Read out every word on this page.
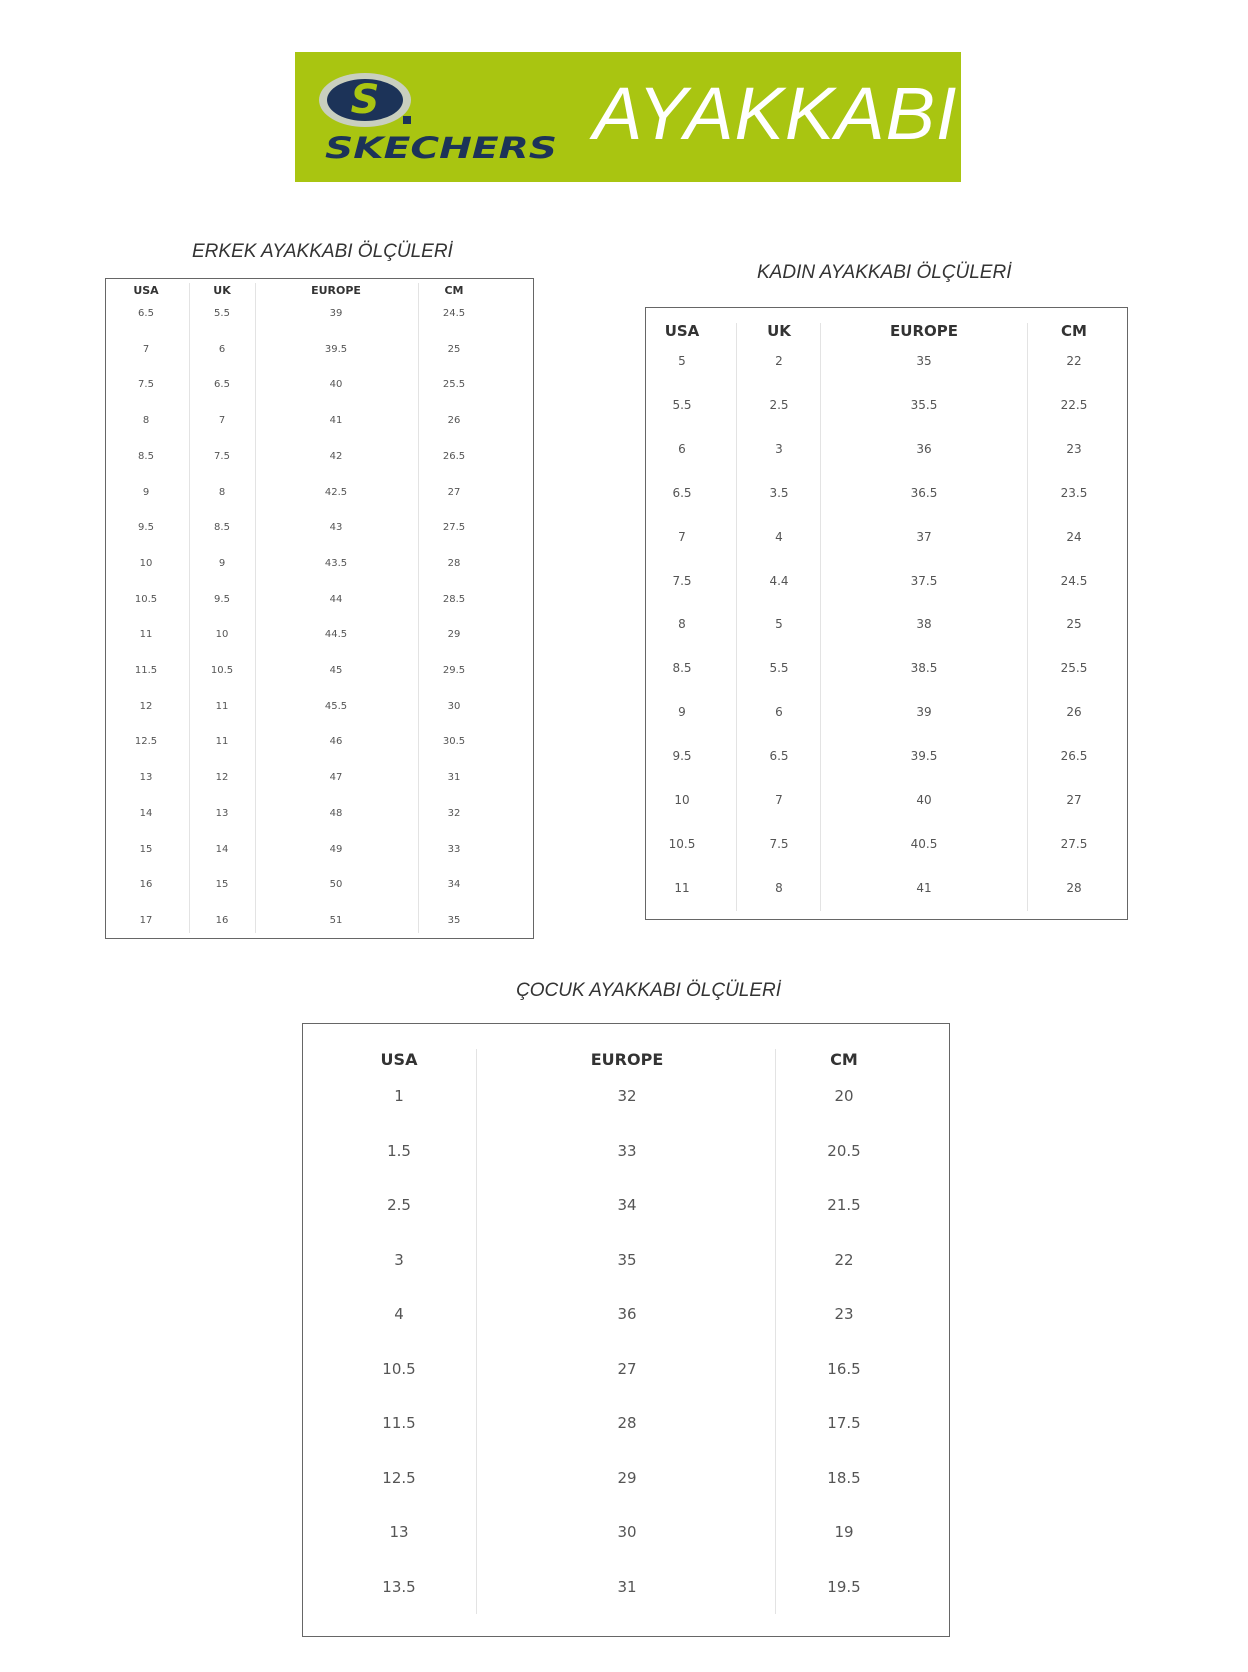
S
SKECHERS AYAKKABI
ERKEK AYAKKABI ÖLÇÜLERİ
KADIN AYAKKABI ÖLÇÜLERİ
ÇOCUK AYAKKABI ÖLÇÜLERİ
USA	UK	EUROPE	CM
6.5	5.5	39	24.5
7	6	39.5	25
7.5	6.5	40	25.5
8	7	41	26
8.5	7.5	42	26.5
9	8	42.5	27
9.5	8.5	43	27.5
10	9	43.5	28
10.5	9.5	44	28.5
11	10	44.5	29
11.5	10.5	45	29.5
12	11	45.5	30
12.5	11	46	30.5
13	12	47	31
14	13	48	32
15	14	49	33
16	15	50	34
17	16	51	35
USA	UK	EUROPE	CM
5	2	35	22
5.5	2.5	35.5	22.5
6	3	36	23
6.5	3.5	36.5	23.5
7	4	37	24
7.5	4.4	37.5	24.5
8	5	38	25
8.5	5.5	38.5	25.5
9	6	39	26
9.5	6.5	39.5	26.5
10	7	40	27
10.5	7.5	40.5	27.5
11	8	41	28
USA	EUROPE	CM
1	32	20
1.5	33	20.5
2.5	34	21.5
3	35	22
4	36	23
10.5	27	16.5
11.5	28	17.5
12.5	29	18.5
13	30	19
13.5	31	19.5
